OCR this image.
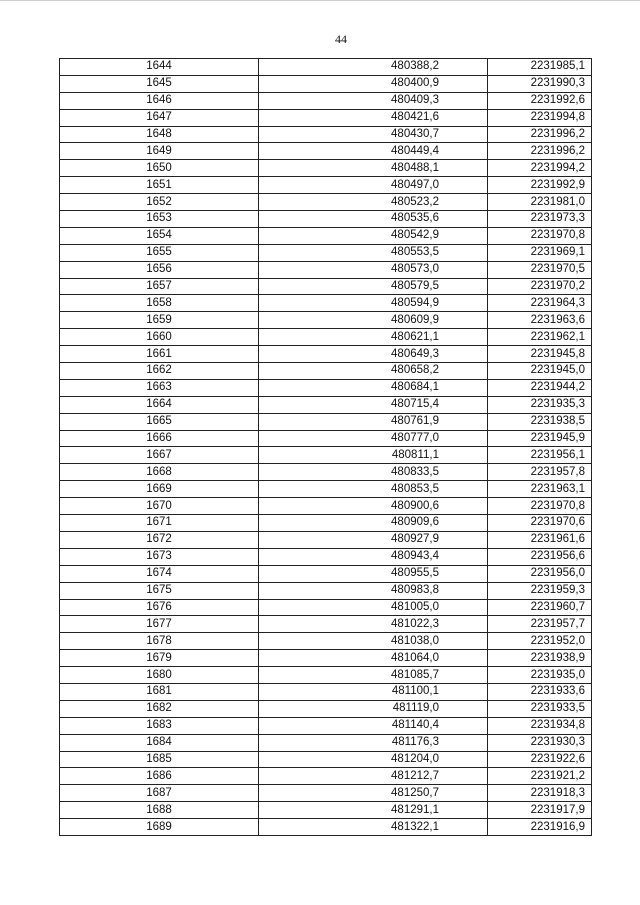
44
1644	480388,2	2231985,1
1645	480400,9	2231990,3
1646	480409,3	2231992,6
1647	480421,6	2231994,8
1648	480430,7	2231996,2
1649	480449,4	2231996,2
1650	480488,1	2231994,2
1651	480497,0	2231992,9
1652	480523,2	2231981,0
1653	480535,6	2231973,3
1654	480542,9	2231970,8
1655	480553,5	2231969,1
1656	480573,0	2231970,5
1657	480579,5	2231970,2
1658	480594,9	2231964,3
1659	480609,9	2231963,6
1660	480621,1	2231962,1
1661	480649,3	2231945,8
1662	480658,2	2231945,0
1663	480684,1	2231944,2
1664	480715,4	2231935,3
1665	480761,9	2231938,5
1666	480777,0	2231945,9
1667	480811,1	2231956,1
1668	480833,5	2231957,8
1669	480853,5	2231963,1
1670	480900,6	2231970,8
1671	480909,6	2231970,6
1672	480927,9	2231961,6
1673	480943,4	2231956,6
1674	480955,5	2231956,0
1675	480983,8	2231959,3
1676	481005,0	2231960,7
1677	481022,3	2231957,7
1678	481038,0	2231952,0
1679	481064,0	2231938,9
1680	481085,7	2231935,0
1681	481100,1	2231933,6
1682	481119,0	2231933,5
1683	481140,4	2231934,8
1684	481176,3	2231930,3
1685	481204,0	2231922,6
1686	481212,7	2231921,2
1687	481250,7	2231918,3
1688	481291,1	2231917,9
1689	481322,1	2231916,9
